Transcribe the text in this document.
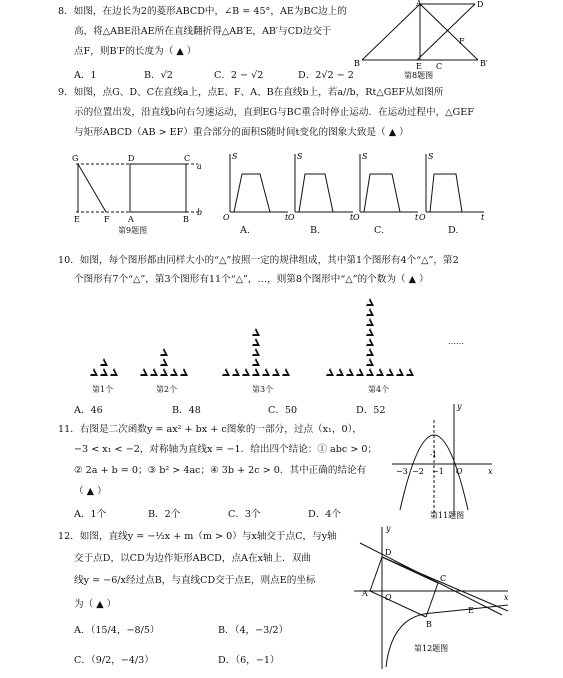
8．如图，在边长为2的菱形ABCD中，∠B = 45°，AE为BC边上的
高，将△ABE沿AE所在直线翻折得△AB′E，AB′与CD边交于
点F，则B′F的长度为（ ▲ ）
A．1	B．√2	C．2 − √2	D．2√2 − 2
A	D
B	E C	B′
F
第8题图
9．如图，点G、D、C在直线a上，点E、F、A、B在直线b上，若a//b，Rt△GEF从如图所
示的位置出发，沿直线b向右匀速运动，直到EG与BC重合时停止运动．在运动过程中，△GEF
与矩形ABCD（AB > EF）重合部分的面积S随时间t变化的图象大致是（ ▲ ）
G	D	C
a
E	F A	B
b
第9题图
S
O	t
S
O	t
S
O	t
S
O	t
A.	B.	C.	D.
10．如图，每个图形都由同样大小的“△”按照一定的规律组成，其中第1个图形有4个“△”，第2
个图形有7个“△”，第3个图形有11个“△”，…，则第8个图形中“△”的个数为（ ▲ ）
……
第1个	第2个	第3个	第4个
A．46	B．48	C．50	D．52
11．右图是二次函数y = ax² + bx + c图象的一部分，过点（x₁，0），
−3 < x₁ < −2，对称轴为直线x = −1．给出四个结论：① abc > 0；
② 2a + b = 0；③ b² > 4ac；④ 3b + 2c > 0．其中正确的结论有
（ ▲ ）
A．1个	B．2个	C．3个	D．4个
y
x
O
−3 −2 −1
-1
第11题图
12．如图，直线y = −½x + m（m > 0）与x轴交于点C，与y轴
交于点D，以CD为边作矩形ABCD，点A在x轴上．双曲
线y = −6/x经过点B，与直线CD交于点E，则点E的坐标
为（ ▲ ）
A．（15/4，−8/5）	B．（4，−3/2）
C．（9/2，−4/3）	D．（6，−1）
y
x
O
A
B
C
D
E
第12题图
